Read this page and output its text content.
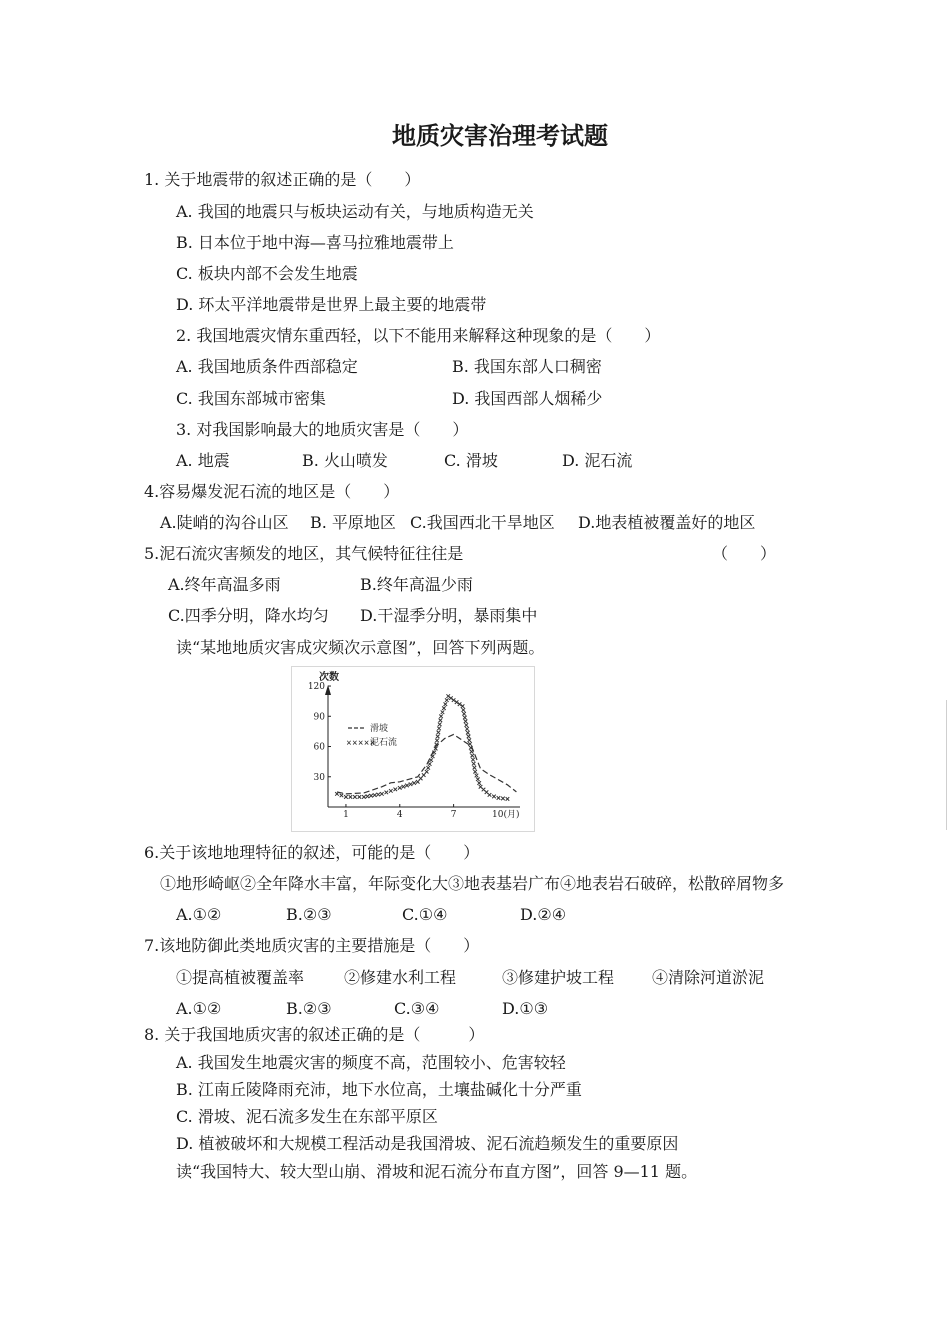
地质灾害治理考试题
1. 关于地震带的叙述正确的是（　　）
A. 我国的地震只与板块运动有关，与地质构造无关
B. 日本位于地中海—喜马拉雅地震带上
C. 板块内部不会发生地震
D. 环太平洋地震带是世界上最主要的地震带
2. 我国地震灾情东重西轻，以下不能用来解释这种现象的是（　　）
A. 我国地质条件西部稳定	B. 我国东部人口稠密
C. 我国东部城市密集	D. 我国西部人烟稀少
3. 对我国影响最大的地质灾害是（　　）
A. 地震	B. 火山喷发	C. 滑坡	D. 泥石流
4.容易爆发泥石流的地区是（　　）
A.陡峭的沟谷山区 B. 平原地区 C.我国西北干旱地区 D.地表植被覆盖好的地区
5.泥石流灾害频发的地区，其气候特征往往是	（　　）
A.终年高温多雨	B.终年高温少雨
C.四季分明，降水均匀 D.干湿季分明，暴雨集中
读“某地地质灾害成灾频次示意图”，回答下列两题。
次数
10(月)
120
90
60
30
1	4	7
滑坡
×××××
泥石流
6.关于该地地理特征的叙述，可能的是（　　）
①地形崎岖②全年降水丰富，年际变化大③地表基岩广布④地表岩石破碎，松散碎屑物多
A.①②	B.②③	C.①④	D.②④
7.该地防御此类地质灾害的主要措施是（　　）
①提高植被覆盖率 ②修建水利工程	③修建护坡工程 ④清除河道淤泥
A.①②	B.②③	C.③④	D.①③
8. 关于我国地质灾害的叙述正确的是（　　　）
A. 我国发生地震灾害的频度不高，范围较小、危害较轻
B. 江南丘陵降雨充沛，地下水位高，土壤盐碱化十分严重
C. 滑坡、泥石流多发生在东部平原区
D. 植被破坏和大规模工程活动是我国滑坡、泥石流趋频发生的重要原因
读“我国特大、较大型山崩、滑坡和泥石流分布直方图”，回答 9—11 题。
